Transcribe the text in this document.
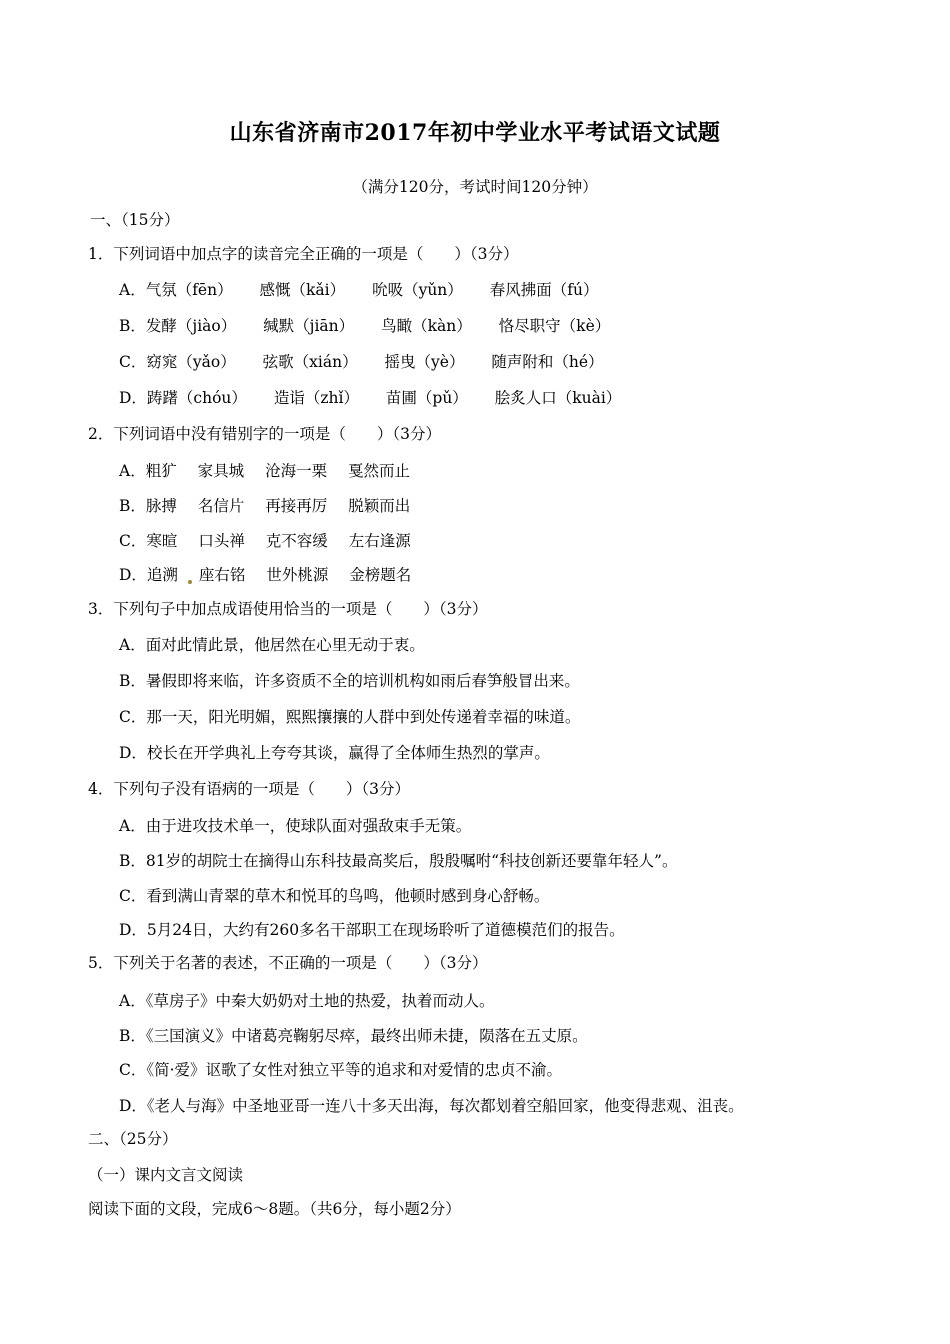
山东省济南市2017年初中学业水平考试语文试题
（满分120分，考试时间120分钟）
一、（15分）
1．下列词语中加点字的读音完全正确的一项是（　　）（3分）
A．气氛（fēn） 感慨（kǎi） 吮吸（yǔn） 春风拂面（fú）
B．发酵（jiào） 缄默（jiān） 鸟瞰（kàn） 恪尽职守（kè）
C．窈窕（yǎo） 弦歌（xián） 摇曳（yè） 随声附和（hé）
D．踌躇（chóu） 造诣（zhǐ） 苗圃（pǔ） 脍炙人口（kuài）
2．下列词语中没有错别字的一项是（　　）（3分）
A．粗犷 家具城 沧海一栗 戛然而止
B．脉搏 名信片 再接再厉 脱颖而出
C．寒暄 口头禅 克不容缓 左右逢源
D．追溯 座右铭 世外桃源 金榜题名
3．下列句子中加点成语使用恰当的一项是（　　）（3分）
A．面对此情此景，他居然在心里无动于衷。
B．暑假即将来临，许多资质不全的培训机构如雨后春笋般冒出来。
C．那一天，阳光明媚，熙熙攘攘的人群中到处传递着幸福的味道。
D．校长在开学典礼上夸夸其谈，赢得了全体师生热烈的掌声。
4．下列句子没有语病的一项是（　　）（3分）
A．由于进攻技术单一，使球队面对强敌束手无策。
B．81岁的胡院士在摘得山东科技最高奖后，殷殷嘱咐“科技创新还要靠年轻人”。
C．看到满山青翠的草木和悦耳的鸟鸣，他顿时感到身心舒畅。
D．5月24日，大约有260多名干部职工在现场聆听了道德模范们的报告。
5．下列关于名著的表述，不正确的一项是（　　）（3分）
A．《草房子》中秦大奶奶对土地的热爱，执着而动人。
B．《三国演义》中诸葛亮鞠躬尽瘁，最终出师未捷，陨落在五丈原。
C．《简·爱》讴歌了女性对独立平等的追求和对爱情的忠贞不渝。
D．《老人与海》中圣地亚哥一连八十多天出海，每次都划着空船回家，他变得悲观、沮丧。
二、（25分）
（一）课内文言文阅读
阅读下面的文段，完成6～8题。（共6分，每小题2分）
